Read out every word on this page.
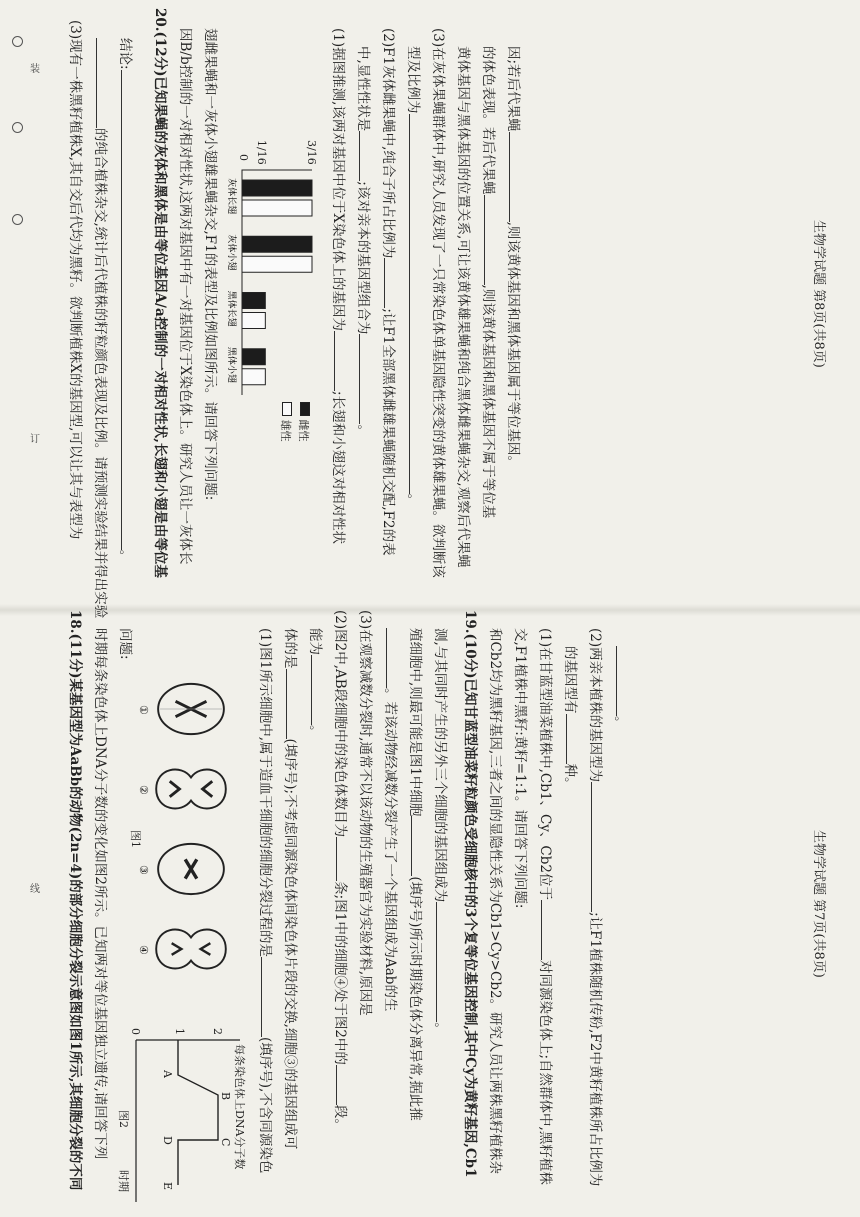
装
订
线 18.(11分)某基因型为AaBb的动物(2n=4)的部分细胞分裂示意图如图1所示,其细胞分裂的不同 时期每条染色体上DNA分子数的变化如图2所示。已知两对等位基因独立遗传,请回答下列 问题:
①
②
图1
③
④
每条染色体上DNA分子数
2
1
0
A
B
C
D
E
时期
图2
(1)图1所示细胞中,属于造血干细胞的细胞分裂过程的是(填序号),不含同源染色
体的是(填序号);不考虑同源染色体间染色体片段的交换,细胞③的基因组成可
能为。 (2)图2中,AB段细胞中的染色体数目为条;图1中的细胞④处于图2中的段。
(3)在观察减数分裂时,通常不以该动物的生殖器官为实验材料,原因是 。若该动物经减数分裂产生了一个基因组成为Aab的生 殖细胞中,则最可能是图1中细胞(填序号)所示时期染色体分离异常,据此推
测,与其同时产生的另外三个细胞的基因组成为。 19.(10分)已知甘蓝型油菜籽粒颜色受细胞核中的3个复等位基因控制,其中Cy为黄籽基因,Cb1 和Cb2均为黑籽基因,三者之间的显隐性关系为Cb1>Cy>Cb2。研究人员让两株黑籽植株杂 交,F1植株中黑籽:黄籽=1:1。请回答下列问题: (1)在甘蓝型油菜植株中,Cb1、Cy、Cb2位于对同源染色体上;自然群体中,黑籽植株
的基因型有种。 (2)两亲本植株的基因型为;让F1植株随机传粉,F2中黄籽植株所占比例为
。
生物学试题 第7页(共8页)
(3)现有一株黑籽植株X,其自交后代均为黑籽。欲判断植株X的基因型,可以让其与表型为 的纯合植株杂交,统计后代植株的籽粒颜色表现及比例。请预测实验结果并得出实验
结论:。 20.(12分)已知果蝇的灰体和黑体是由等位基因A/a控制的一对相对性状,长翅和小翅是由等位基 因B/b控制的一对相对性状,这两对基因中有一对基因位于X染色体上。研究人员让一灰体长 翅雌果蝇和一灰体小翅雄果蝇杂交,F1的表型及比例如图所示。请回答下列问题: 灰体长翅
灰体小翅
黑体长翅
黑体小翅
3/16
1/16
0
雌性
雄性
(1)据图推测,该两对基因中位于X染色体上的基因为;长翅和小翅这对相对性状
中,显性性状是;该对亲本的基因型组合为。
(2)F1灰体雌果蝇中,纯合子所占比例为;让F1全部黑体雌雄果蝇随机交配,F2的表
型及比例为。 (3)在灰体果蝇群体中,研究人员发现了一只常染色体单基因隐性突变的黄体雄果蝇。欲判断该 黄体基因与黑体基因的位置关系,可让该黄体雄果蝇和纯合黑体雌果蝇杂交,观察后代果蝇 的体色表现。若后代果蝇,则该黄体基因和黑体基因不属于等位基
因;若后代果蝇,则该黄体基因和黑体基因属于等位基因。	生物学试题 第8页(共8页)
